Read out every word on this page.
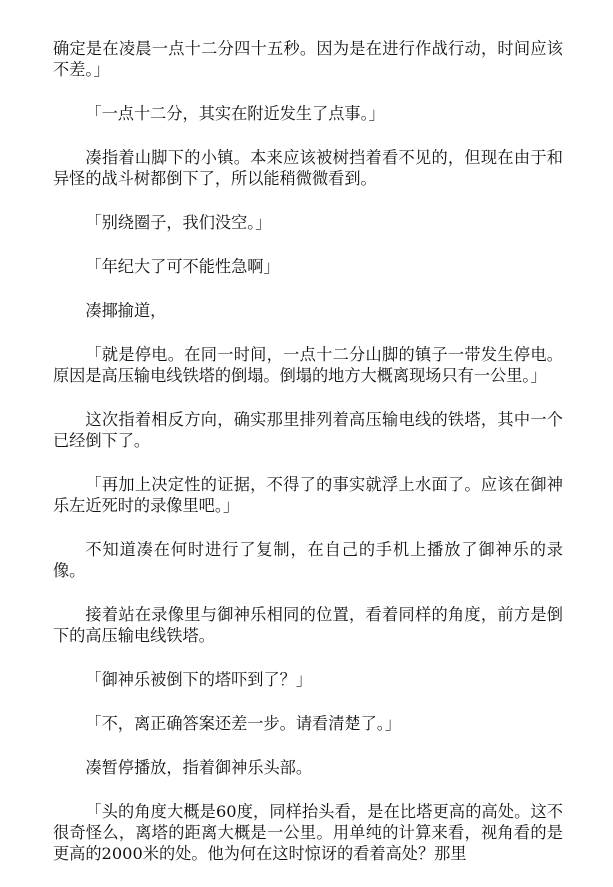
确定是在凌晨一点十二分四十五秒。因为是在进行作战行动，时间应该不差。」

「一点十二分，其实在附近发生了点事。」

凑指着山脚下的小镇。本来应该被树挡着看不见的，但现在由于和异怪的战斗树都倒下了，所以能稍微微看到。

「别绕圈子，我们没空。」

「年纪大了可不能性急啊」

凑揶揄道，

「就是停电。在同一时间，一点十二分山脚的镇子一带发生停电。原因是高压输电线铁塔的倒塌。倒塌的地方大概离现场只有一公里。」

这次指着相反方向，确实那里排列着高压输电线的铁塔，其中一个已经倒下了。

「再加上决定性的证据，不得了的事实就浮上水面了。应该在御神乐左近死时的录像里吧。」

不知道凑在何时进行了复制，在自己的手机上播放了御神乐的录像。

接着站在录像里与御神乐相同的位置，看着同样的角度，前方是倒下的高压输电线铁塔。

「御神乐被倒下的塔吓到了？」

「不，离正确答案还差一步。请看清楚了。」

凑暂停播放，指着御神乐头部。

「头的角度大概是60度，同样抬头看，是在比塔更高的高处。这不很奇怪么，离塔的距离大概是一公里。用单纯的计算来看，视角看的是更高的2000米的处。他为何在这时惊讶的看着高处？那里
